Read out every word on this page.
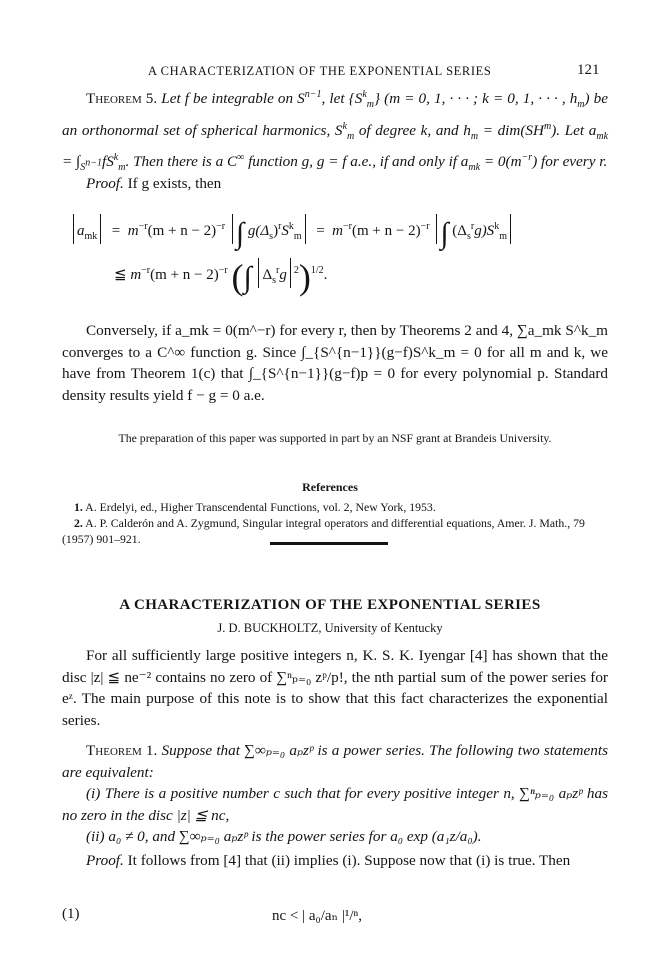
A CHARACTERIZATION OF THE EXPONENTIAL SERIES	121
Theorem 5. Let f be integrable on $S^{n-1}$, let $\{S^k_m\} (m = 0$, 1, · · · ; k = 0, 1, · · · , $h_m$) be an orthonormal set of spherical harmonics, $S^k_m$ of degree k, and $h_m = dim(SH^m)$. Let $a_{mk} = \int_{S^{n-1}}fS^k_m$. Then there is a C∞ function g, g = f a.e., if and only if $a_{mk} = 0(m^{-r})$ for every r.
Proof. If g exists, then
$a_{mk} = m^{-r}(m + n - 2)^{-r}$ ∫ $g(\Delta_s)^rS^k_m = m^{-r}(m + n - 2)^{-r}$ ∫ $(\Delta_s^rg)S^k_m$
≦ $m^{-r}(m + n - 2)^{-r}$ (∫ $\Delta_s^rg$ $^2$)$^{1/2}$.
Conversely, if a_mk = 0(m^−r) for every r, then by Theorems 2 and 4, ∑a_mk S^k_m converges to a C^∞ function g. Since ∫_{S^{n−1}}(g−f)S^k_m = 0 for all m and k, we have from Theorem 1(c) that ∫_{S^{n−1}}(g−f)p = 0 for every polynomial p. Standard density results yield f − g = 0 a.e.
The preparation of this paper was supported in part by an NSF grant at Brandeis University.
References
1. A. Erdelyi, ed., Higher Transcendental Functions, vol. 2, New York, 1953.
2. A. P. Calderón and A. Zygmund, Singular integral operators and differential equations, Amer. J. Math., 79 (1957) 901–921.
A CHARACTERIZATION OF THE EXPONENTIAL SERIES
J. D. BUCKHOLTZ, University of Kentucky
For all sufficiently large positive integers n, K. S. K. Iyengar [4] has shown that the disc |z| ≦ ne⁻² contains no zero of ∑ⁿₚ₌₀ zᵖ/p!, the nth partial sum of the power series for eᶻ. The main purpose of this note is to show that this fact characterizes the exponential series.
Theorem 1. Suppose that ∑∞ₚ₌₀ aₚzᵖ is a power series. The following two statements are equivalent:
(i) There is a positive number c such that for every positive integer n, ∑ⁿₚ₌₀ aₚzᵖ has no zero in the disc |z| ≦ nc,
(ii) a₀ ≠ 0, and ∑∞ₚ₌₀ aₚzᵖ is the power series for a₀ exp (a₁z/a₀).
Proof. It follows from [4] that (ii) implies (i). Suppose now that (i) is true. Then
(1)	nc < | a₀/aₙ |¹/ⁿ,
